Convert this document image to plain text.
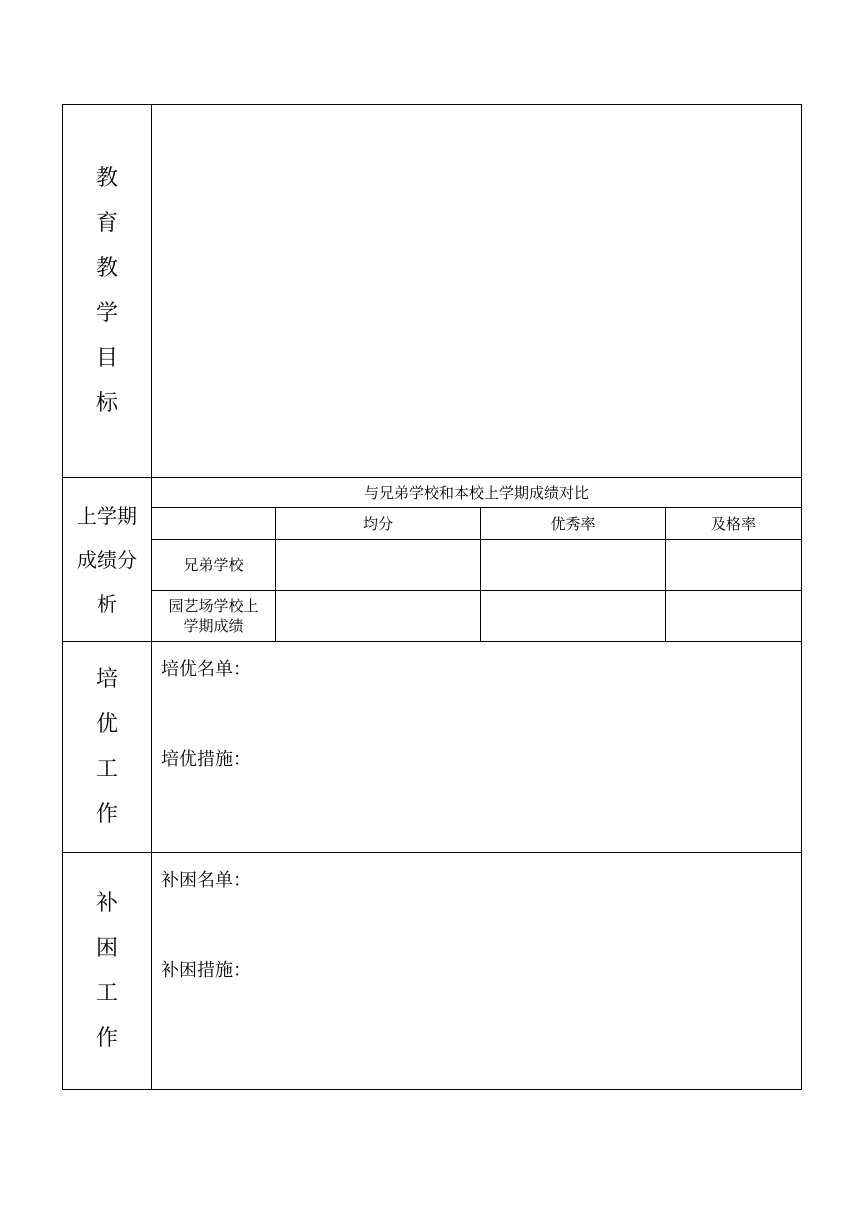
教
育
教
学
目
标
上学期
成绩分
析
与兄弟学校和本校上学期成绩对比
均分	优秀率	及格率
兄弟学校
园艺场学校上学期成绩
培
优
工
作
培优名单：
培优措施：
补
困
工
作
补困名单：
补困措施：
